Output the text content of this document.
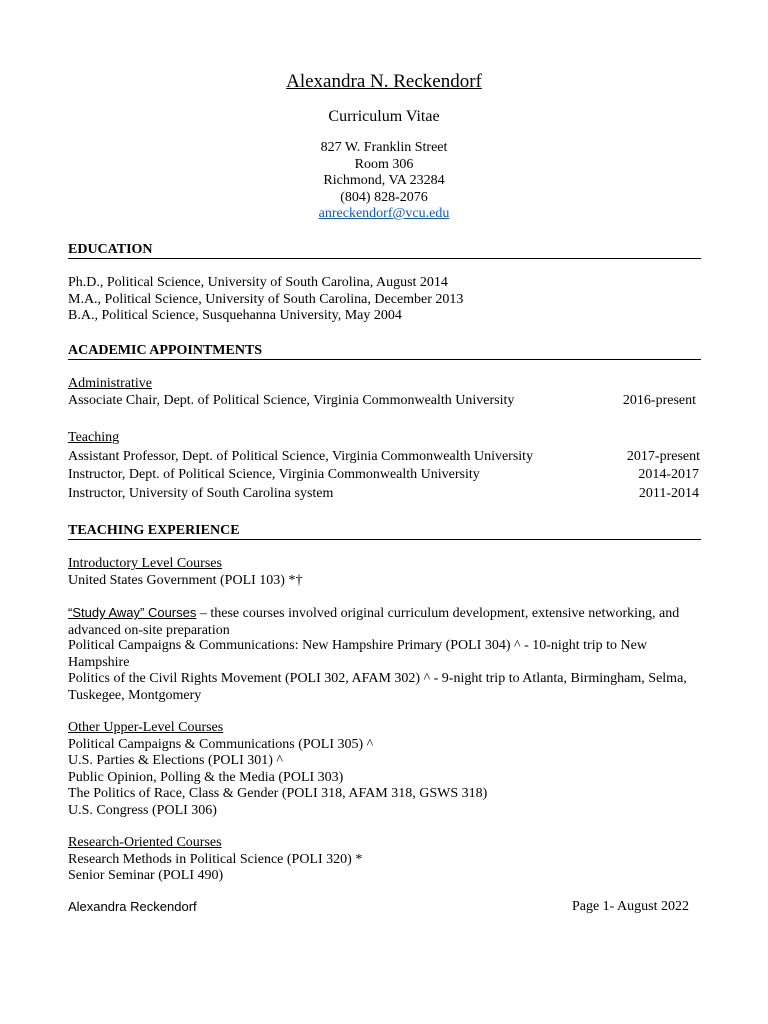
Alexandra N. Reckendorf
Curriculum Vitae
827 W. Franklin Street
Room 306
Richmond, VA 23284
(804) 828-2076
anreckendorf@vcu.edu
EDUCATION
Ph.D., Political Science, University of South Carolina, August 2014
M.A., Political Science, University of South Carolina, December 2013
B.A., Political Science, Susquehanna University, May 2004
ACADEMIC APPOINTMENTS
Administrative
Associate Chair, Dept. of Political Science, Virginia Commonwealth University	2016-present
Teaching
Assistant Professor, Dept. of Political Science, Virginia Commonwealth University	2017-present
Instructor, Dept. of Political Science, Virginia Commonwealth University	2014-2017
Instructor, University of South Carolina system	2011-2014
TEACHING EXPERIENCE
Introductory Level Courses
United States Government (POLI 103) *†
“Study Away” Courses – these courses involved original curriculum development, extensive networking, and advanced on-site preparation
Political Campaigns & Communications: New Hampshire Primary (POLI 304) ^ - 10-night trip to New Hampshire
Politics of the Civil Rights Movement (POLI 302, AFAM 302) ^ - 9-night trip to Atlanta, Birmingham, Selma, Tuskegee, Montgomery
Other Upper-Level Courses
Political Campaigns & Communications (POLI 305) ^
U.S. Parties & Elections (POLI 301) ^
Public Opinion, Polling & the Media (POLI 303)
The Politics of Race, Class & Gender (POLI 318, AFAM 318, GSWS 318)
U.S. Congress (POLI 306)
Research-Oriented Courses
Research Methods in Political Science (POLI 320) *
Senior Seminar (POLI 490)
Alexandra Reckendorf	Page 1- August 2022
